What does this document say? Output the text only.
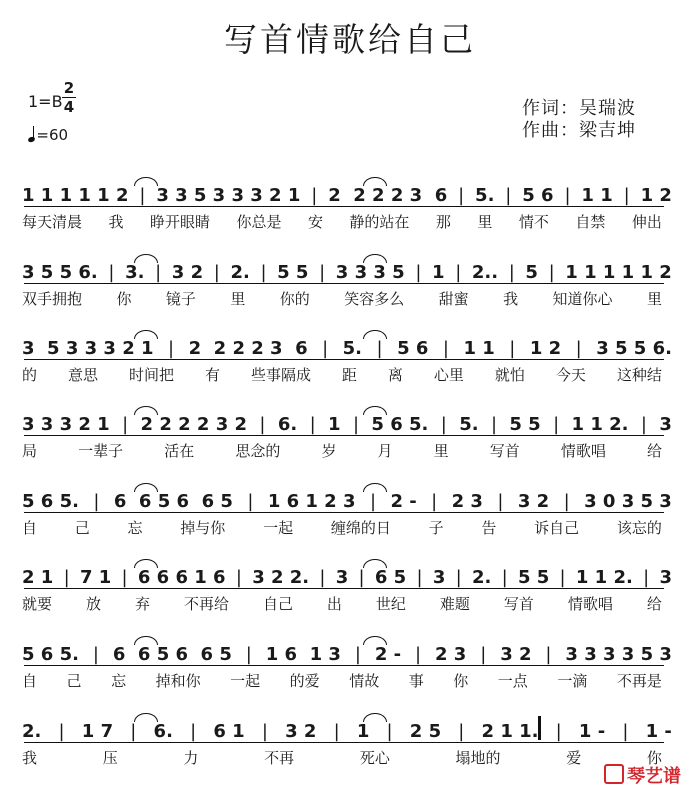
写首情歌给自己
1=B
2
4
=60
作词：吴瑞波
作曲：梁吉坤
1 1 1 1 1 2 | 3 3 5 3 3 3 2 1 | 2  2 2 2 3  6 | 5. | 5 6 | 1 1 | 1 2
每天清晨 我 睁开眼睛 你总是 安 静的站在 那 里 情不 自禁 伸出
3 5 5 6. | 3. | 3 2 | 2. | 5 5 | 3 3 3 5 | 1 | 2.. | 5 | 1 1 1 1 1 2
双手拥抱 你 镜子 里 你的 笑容多么 甜蜜 我 知道你心 里
3  5 3 3 3 2 1 | 2  2 2 2 3  6 | 5. | 5 6 | 1 1 | 1 2 | 3 5 5 6.
的 意思 时间把 有 些事隔成 距 离 心里 就怕 今天 这种结
3 3 3 2 1 | 2 2 2 2 3 2 | 6. | 1 | 5 6 5. | 5. | 5 5 | 1 1 2. | 3
局	一辈子	活在	思念的	岁	月	里	写首	情歌唱	给
5 6 5. | 6  6 5 6  6 5 | 1 6 1 2 3 | 2 - | 2 3 | 3 2 | 3 0 3 5 3
自	己	忘	掉与你	一起	缠绵的日	子	告	诉自己	该忘的
2 1 | 7 1 | 6 6 6 1 6 | 3 2 2. | 3 | 6 5 | 3 | 2. | 5 5 | 1 1 2. | 3
就要 放 弃 不再给 自己 出 世纪 难题 写首 情歌唱 给
5 6 5. | 6  6 5 6  6 5 | 1 6  1 3 | 2 - | 2 3 | 3 2 | 3 3 3 3 5 3
自 己 忘 掉和你 一起 的爱 情故 事 你 一点 一滴 不再是
2. | 1 7 | 6. | 6 1 | 3 2 | 1 | 2 5 | 2 1 1. | 1 - | 1 -
我	压	力	不再	死心	塌地的	爱	你
琴艺谱
